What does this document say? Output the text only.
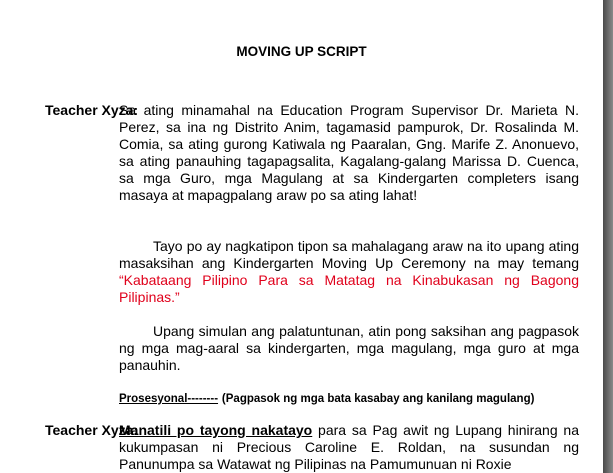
MOVING UP SCRIPT
Teacher Xyza:

Sa ating minamahal na Education Program Supervisor Dr. Marieta N. Perez, sa ina ng Distrito Anim, tagamasid pampurok, Dr. Rosalinda M. Comia, sa ating gurong Katiwala ng Paaralan, Gng. Marife Z. Anonuevo, sa ating panauhing tagapagsalita, Kagalang-galang Marissa D. Cuenca, sa mga Guro, mga Magulang at sa Kindergarten completers isang masaya at mapagpalang araw po sa ating lahat!

Tayo po ay nagkatipon tipon sa mahalagang araw na ito upang ating masaksihan ang Kindergarten Moving Up Ceremony na may temang “Kabataang Pilipino Para sa Matatag na Kinabukasan ng Bagong Pilipinas.”

Upang simulan ang palatuntunan, atin pong saksihan ang pagpasok ng mga mag-aaral sa kindergarten, mga magulang, mga guro at mga panauhin.

Prosesyonal-------- (Pagpasok ng mga bata kasabay ang kanilang magulang)

Teacher Xyza:

Manatili po tayong nakatayo para sa Pag awit ng Lupang hinirang na kukumpasan ni Precious Caroline E. Roldan, na susundan ng Panunumpa sa Watawat ng Pilipinas na Pamumunuan ni Roxie
